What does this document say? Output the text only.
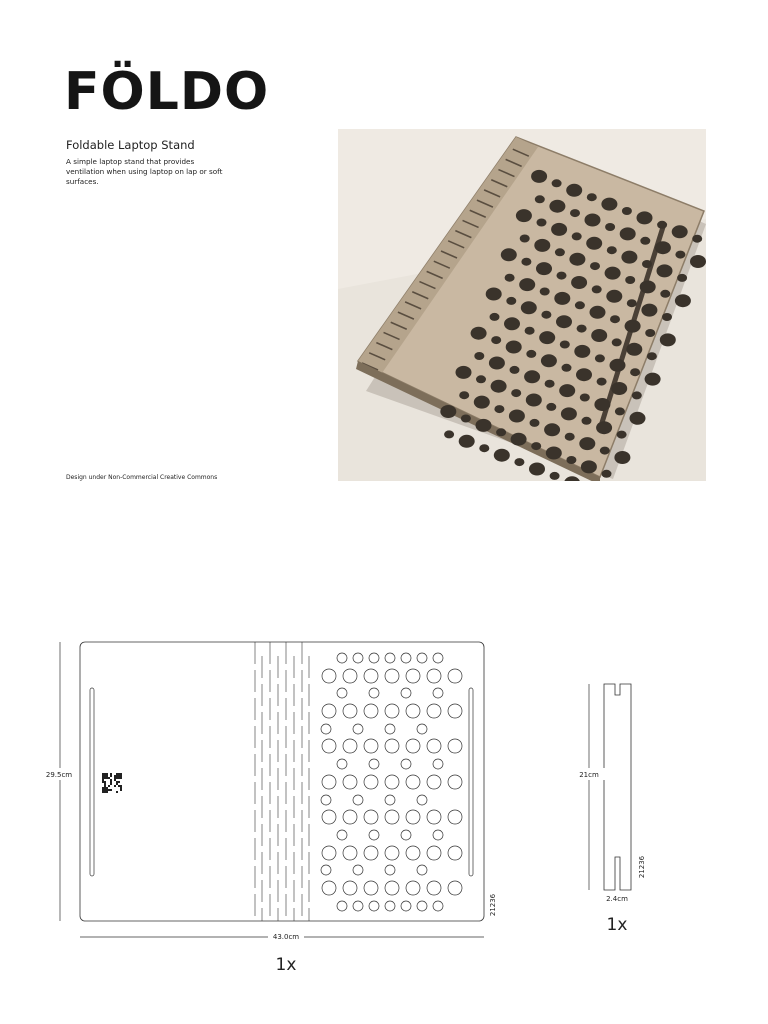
FÖLDO

Foldable Laptop Stand

A simple laptop stand that provides ventilation when using laptop on lap or soft surfaces.

Design under Non-Commercial Creative Commons

29.5cm
43.0cm
21236
1x
21cm
2.4cm
21236
1x
